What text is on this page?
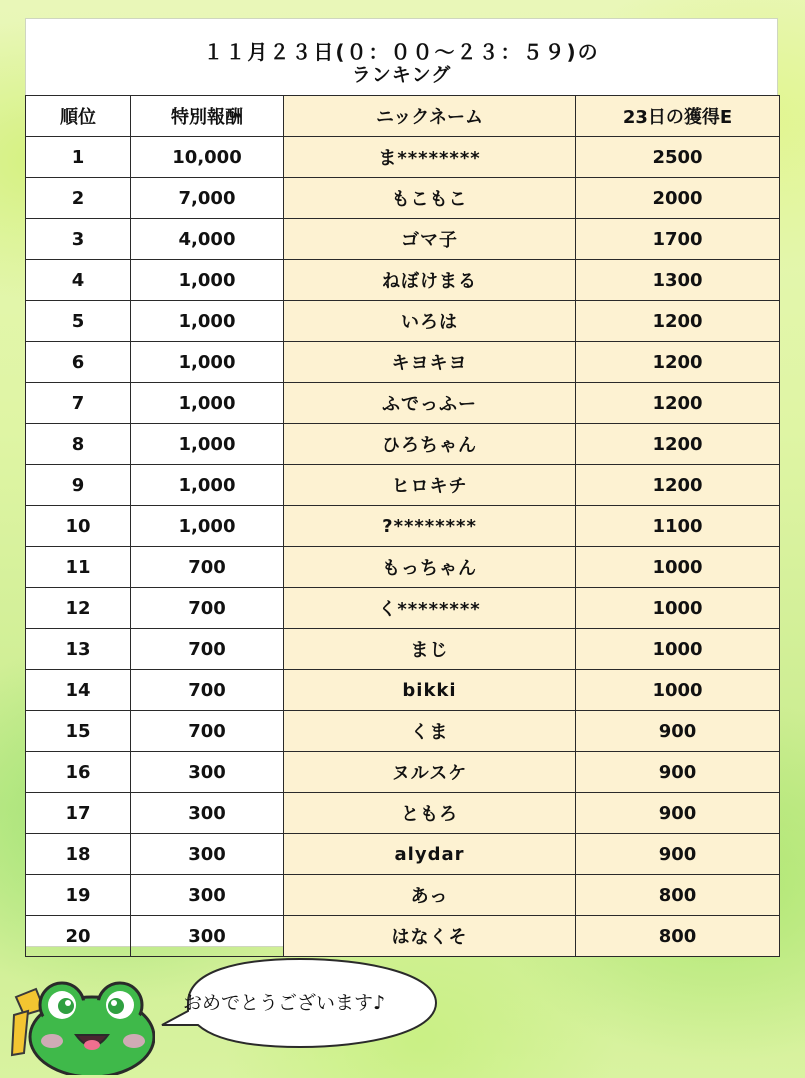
１１月２３日(０：００〜２３：５９)の
ランキング
順位	特別報酬	ニックネーム	23日の獲得E
1	10,000	ま********	2500
2	7,000	もこもこ	2000
3	4,000	ゴマ子	1700
4	1,000	ねぼけまる	1300
5	1,000	いろは	1200
6	1,000	キヨキヨ	1200
7	1,000	ふでっふー	1200
8	1,000	ひろちゃん	1200
9	1,000	ヒロキチ	1200
10	1,000	?********	1100
11	700	もっちゃん	1000
12	700	く********	1000
13	700	まじ	1000
14	700	bikki	1000
15	700	くま	900
16	300	ヌルスケ	900
17	300	ともろ	900
18	300	alydar	900
19	300	あっ	800
20	300	はなくそ	800
おめでとうございます♪
